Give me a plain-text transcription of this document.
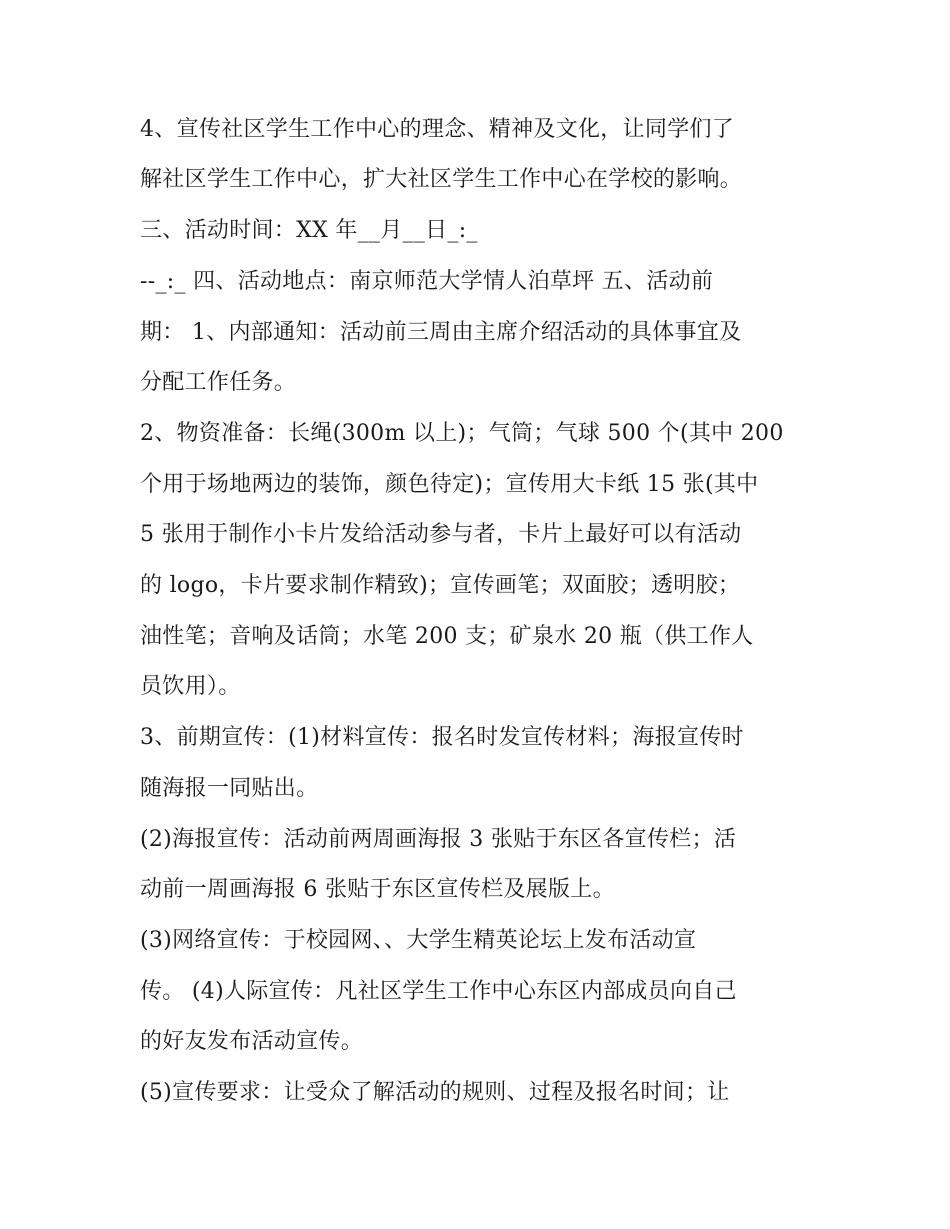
4、宣传社区学生工作中心的理念、精神及文化，让同学们了
解社区学生工作中心，扩大社区学生工作中心在学校的影响。
三、活动时间：XX 年__月__日_:_
--_:_ 四、活动地点：南京师范大学情人泊草坪 五、活动前
期： 1、内部通知：活动前三周由主席介绍活动的具体事宜及
分配工作任务。
2、物资准备：长绳(300m 以上)；气筒；气球 500 个(其中 200
个用于场地两边的装饰，颜色待定)；宣传用大卡纸 15 张(其中
5 张用于制作小卡片发给活动参与者，卡片上最好可以有活动
的 logo，卡片要求制作精致)；宣传画笔；双面胶；透明胶；
油性笔；音响及话筒；水笔 200 支；矿泉水 20 瓶（供工作人
员饮用）。
3、前期宣传：(1)材料宣传：报名时发宣传材料；海报宣传时
随海报一同贴出。
(2)海报宣传：活动前两周画海报 3 张贴于东区各宣传栏；活
动前一周画海报 6 张贴于东区宣传栏及展版上。
(3)网络宣传：于校园网、、大学生精英论坛上发布活动宣
传。 (4)人际宣传：凡社区学生工作中心东区内部成员向自己
的好友发布活动宣传。
(5)宣传要求：让受众了解活动的规则、过程及报名时间；让
